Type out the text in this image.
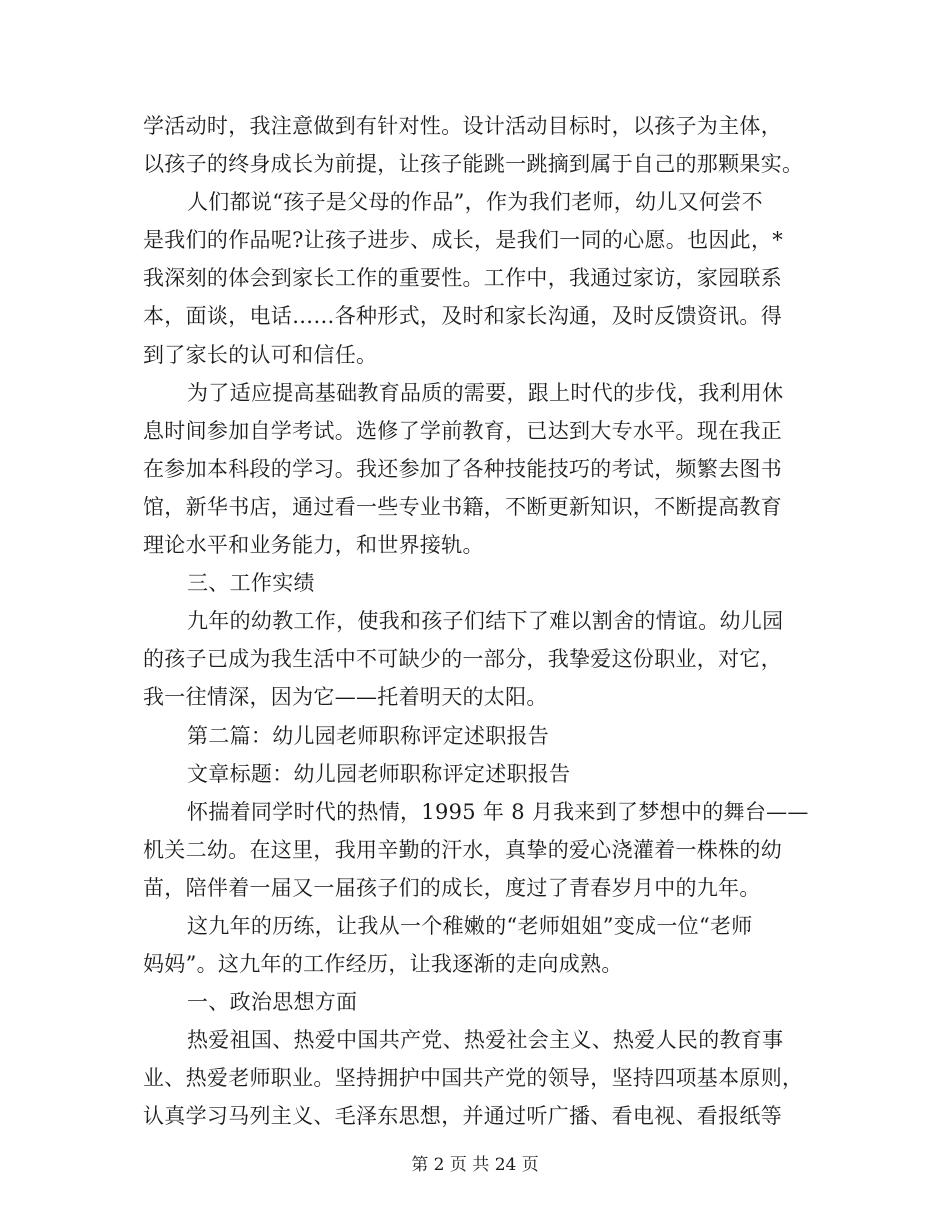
学活动时，我注意做到有针对性。设计活动目标时，以孩子为主体，
以孩子的终身成长为前提，让孩子能跳一跳摘到属于自己的那颗果实。
人们都说“孩子是父母的作品”，作为我们老师，幼儿又何尝不
是我们的作品呢?让孩子进步、成长，是我们一同的心愿。也因此，*
我深刻的体会到家长工作的重要性。工作中，我通过家访，家园联系
本，面谈，电话……各种形式，及时和家长沟通，及时反馈资讯。得
到了家长的认可和信任。
为了适应提高基础教育品质的需要，跟上时代的步伐，我利用休
息时间参加自学考试。选修了学前教育，已达到大专水平。现在我正
在参加本科段的学习。我还参加了各种技能技巧的考试，频繁去图书
馆，新华书店，通过看一些专业书籍，不断更新知识，不断提高教育
理论水平和业务能力，和世界接轨。
三、工作实绩
九年的幼教工作，使我和孩子们结下了难以割舍的情谊。幼儿园
的孩子已成为我生活中不可缺少的一部分，我挚爱这份职业，对它，
我一往情深，因为它——托着明天的太阳。
第二篇：幼儿园老师职称评定述职报告
文章标题：幼儿园老师职称评定述职报告
怀揣着同学时代的热情，1995 年 8 月我来到了梦想中的舞台——
机关二幼。在这里，我用辛勤的汗水，真挚的爱心浇灌着一株株的幼
苗，陪伴着一届又一届孩子们的成长，度过了青春岁月中的九年。
这九年的历练，让我从一个稚嫩的“老师姐姐”变成一位“老师
妈妈”。这九年的工作经历，让我逐渐的走向成熟。
一、政治思想方面
热爱祖国、热爱中国共产党、热爱社会主义、热爱人民的教育事
业、热爱老师职业。坚持拥护中国共产党的领导，坚持四项基本原则，
认真学习马列主义、毛泽东思想，并通过听广播、看电视、看报纸等
第 2 页 共 24 页
